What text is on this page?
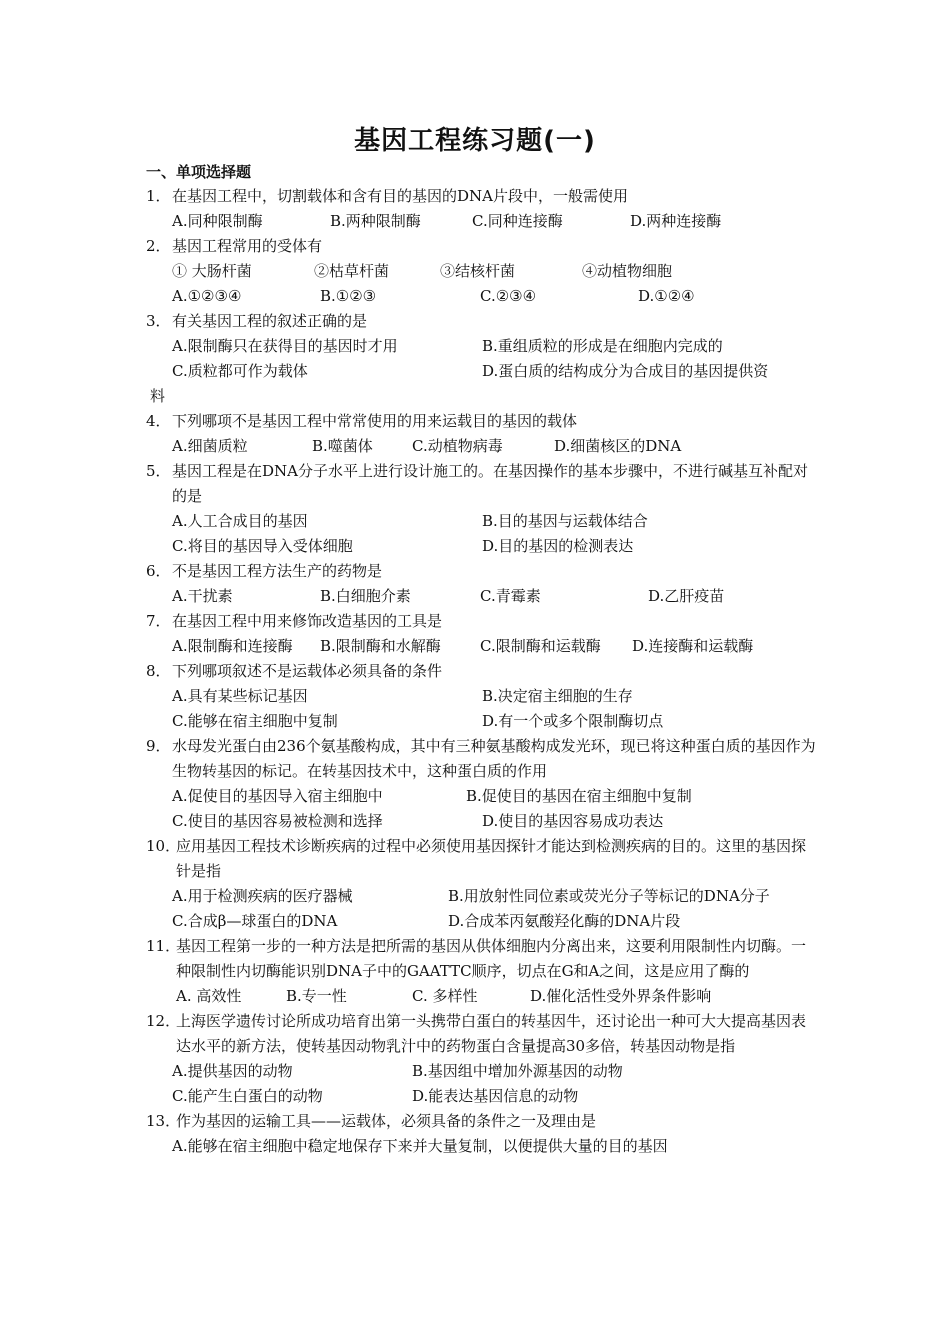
基因工程练习题(一)
一、单项选择题

1．在基因工程中，切割载体和含有目的基因的DNA片段中，一般需使用

A.同种限制酶	B.两种限制酶	C.同种连接酶	D.两种连接酶

2．基因工程常用的受体有

① 大肠杆菌	②枯草杆菌	③结核杆菌	④动植物细胞
A.①②③④	B.①②③	C.②③④	D.①②④

3．有关基因工程的叙述正确的是

A.限制酶只在获得目的基因时才用	B.重组质粒的形成是在细胞内完成的
C.质粒都可作为载体	D.蛋白质的结构成分为合成目的基因提供资

料

4．下列哪项不是基因工程中常常使用的用来运载目的基因的载体

A.细菌质粒	B.噬菌体	C.动植物病毒	D.细菌核区的DNA

5．基因工程是在DNA分子水平上进行设计施工的。在基因操作的基本步骤中，不进行碱基互补配对的是

A.人工合成目的基因	B.目的基因与运载体结合
C.将目的基因导入受体细胞	D.目的基因的检测表达

6．不是基因工程方法生产的药物是

A.干扰素	B.白细胞介素	C.青霉素	D.乙肝疫苗

7．在基因工程中用来修饰改造基因的工具是

A.限制酶和连接酶	B.限制酶和水解酶	C.限制酶和运载酶	D.连接酶和运载酶

8．下列哪项叙述不是运载体必须具备的条件

A.具有某些标记基因	B.决定宿主细胞的生存
C.能够在宿主细胞中复制	D.有一个或多个限制酶切点

9．水母发光蛋白由236个氨基酸构成，其中有三种氨基酸构成发光环，现已将这种蛋白质的基因作为生物转基因的标记。在转基因技术中，这种蛋白质的作用

A.促使目的基因导入宿主细胞中	B.促使目的基因在宿主细胞中复制
C.使目的基因容易被检测和选择	D.使目的基因容易成功表达

10．应用基因工程技术诊断疾病的过程中必须使用基因探针才能达到检测疾病的目的。这里的基因探针是指

A.用于检测疾病的医疗器械	B.用放射性同位素或荧光分子等标记的DNA分子
C.合成β—球蛋白的DNA	D.合成苯丙氨酸羟化酶的DNA片段

11．基因工程第一步的一种方法是把所需的基因从供体细胞内分离出来，这要利用限制性内切酶。一种限制性内切酶能识别DNA子中的GAATTC顺序，切点在G和A之间，这是应用了酶的

A. 高效性	B.专一性	C. 多样性	D.催化活性受外界条件影响

12．上海医学遗传讨论所成功培育出第一头携带白蛋白的转基因牛，还讨论出一种可大大提高基因表达水平的新方法，使转基因动物乳汁中的药物蛋白含量提高30多倍，转基因动物是指

A.提供基因的动物	B.基因组中增加外源基因的动物
C.能产生白蛋白的动物	D.能表达基因信息的动物

13．作为基因的运输工具——运载体，必须具备的条件之一及理由是

A.能够在宿主细胞中稳定地保存下来并大量复制，以便提供大量的目的基因
